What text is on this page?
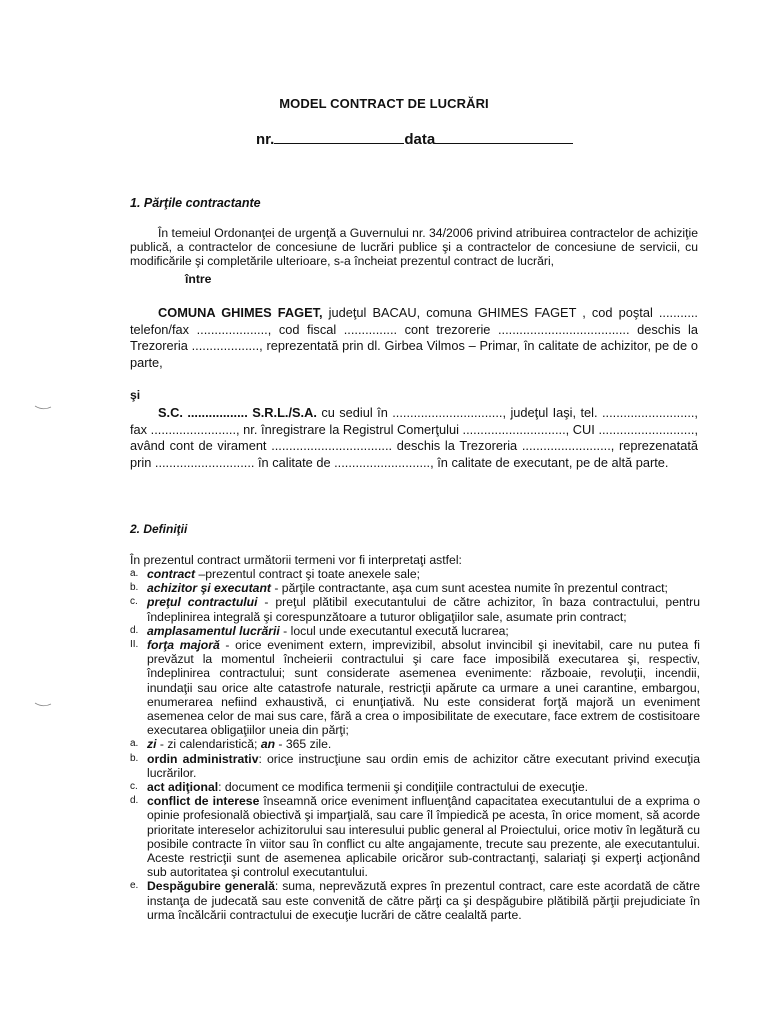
MODEL CONTRACT DE LUCRĂRI
nr.	data
1. Părţile contractante
În temeiul Ordonanţei de urgenţă a Guvernului nr. 34/2006 privind atribuirea contractelor de achiziţie publică, a contractelor de concesiune de lucrări publice şi a contractelor de concesiune de servicii, cu modificările şi completările ulterioare, s-a încheiat prezentul contract de lucrări,
între
COMUNA GHIMES FAGET, judeţul BACAU, comuna GHIMES FAGET , cod poştal ........... telefon/fax ...................., cod fiscal ............... cont trezorerie ..................................... deschis la Trezoreria ..................., reprezentată prin dl. Girbea Vilmos – Primar, în calitate de achizitor, pe de o parte,
şi
S.C. ................. S.R.L./S.A. cu sediul în ..............................., judeţul Iaşi, tel. .........................., fax ........................, nr. înregistrare la Registrul Comerţului ............................., CUI ..........................., având cont de virament .................................. deschis la Trezoreria ........................., reprezenatată prin ............................ în calitate de ..........................., în calitate de executant, pe de altă parte.
2. Definiţii
În prezentul contract următorii termeni vor fi interpretaţi astfel:
a. contract –prezentul contract şi toate anexele sale;
b. achizitor şi executant - părţile contractante, aşa cum sunt acestea numite în prezentul contract;
c. preţul contractului - preţul plătibil executantului de către achizitor, în baza contractului, pentru îndeplinirea integrală şi corespunzătoare a tuturor obligaţiilor sale, asumate prin contract;
d. amplasamentul lucrării - locul unde executantul execută lucrarea;
II. forţa majoră - orice eveniment extern, imprevizibil, absolut invincibil şi inevitabil, care nu putea fi prevăzut la momentul încheierii contractului şi care face imposibilă executarea şi, respectiv, îndeplinirea contractului; sunt considerate asemenea evenimente: războaie, revoluţii, incendii, inundaţii sau orice alte catastrofe naturale, restricţii apărute ca urmare a unei carantine, embargou, enumerarea nefiind exhaustivă, ci enunţiativă. Nu este considerat forţă majoră un eveniment asemenea celor de mai sus care, fără a crea o imposibilitate de executare, face extrem de costisitoare executarea obligaţiilor uneia din părţi;
a. zi - zi calendaristică; an - 365 zile.
b. ordin administrativ: orice instrucţiune sau ordin emis de achizitor către executant privind execuţia lucrărilor.
c. act adiţional: document ce modifica termenii şi condiţiile contractului de execuţie.
d. conflict de interese înseamnă orice eveniment influenţând capacitatea executantului de a exprima o opinie profesională obiectivă şi imparţială, sau care îl împiedică pe acesta, în orice moment, să acorde prioritate intereselor achizitorului sau interesului public general al Proiectului, orice motiv în legătură cu posibile contracte în viitor sau în conflict cu alte angajamente, trecute sau prezente, ale executantului. Aceste restricţii sunt de asemenea aplicabile oricăror sub-contractanţi, salariaţi şi experţi acţionând sub autoritatea şi controlul executantului.
e. Despăgubire generală: suma, neprevăzută expres în prezentul contract, care este acordată de către instanţa de judecată sau este convenită de către părţi ca şi despăgubire plătibilă părţii prejudiciate în urma încălcării contractului de execuţie lucrări de către cealaltă parte.
